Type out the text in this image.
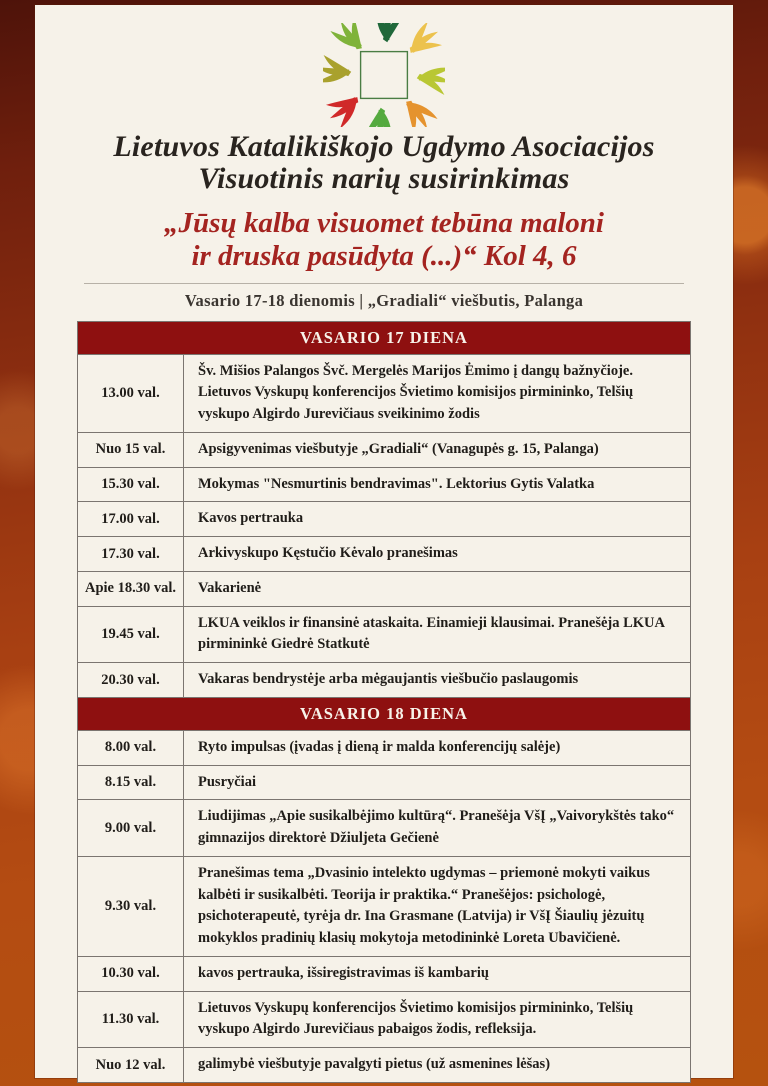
Lietuvos Katalikiškojo Ugdymo Asociacijos
Visuotinis narių susirinkimas
„Jūsų kalba visuomet tebūna maloni
ir druska pasūdyta (...)“ Kol 4, 6
Vasario 17-18 dienomis | „Gradiali“ viešbutis, Palanga
VASARIO 17 DIENA	
13.00 val.	Šv. Mišios Palangos Švč. Mergelės Marijos Ėmimo į dangų bažnyčioje. Lietuvos Vyskupų konferencijos Švietimo komisijos pirmininko, Telšių vyskupo Algirdo Jurevičiaus sveikinimo žodis
Nuo 15 val.	Apsigyvenimas viešbutyje „Gradiali“ (Vanagupės g. 15, Palanga)
15.30 val.	Mokymas "Nesmurtinis bendravimas". Lektorius Gytis Valatka
17.00 val.	Kavos pertrauka
17.30 val.	Arkivyskupo Kęstučio Kėvalo pranešimas
Apie 18.30 val.	Vakarienė
19.45 val.	LKUA veiklos ir finansinė ataskaita. Einamieji klausimai. Pranešėja LKUA pirmininkė Giedrė Statkutė
20.30 val.	Vakaras bendrystėje arba mėgaujantis viešbučio paslaugomis
VASARIO 18 DIENA	
8.00 val.	Ryto impulsas (įvadas į dieną ir malda konferencijų salėje)
8.15 val.	Pusryčiai
9.00 val.	Liudijimas „Apie susikalbėjimo kultūrą“. Pranešėja VšĮ „Vaivorykštės tako“ gimnazijos direktorė Džiuljeta Gečienė
9.30 val.	Pranešimas tema „Dvasinio intelekto ugdymas – priemonė mokyti vaikus kalbėti ir susikalbėti. Teorija ir praktika.“ Pranešėjos: psichologė, psichoterapeutė, tyrėja dr. Ina Grasmane (Latvija) ir VšĮ Šiaulių jėzuitų mokyklos pradinių klasių mokytoja metodininkė Loreta Ubavičienė.
10.30 val.	kavos pertrauka, išsiregistravimas iš kambarių
11.30 val.	Lietuvos Vyskupų konferencijos Švietimo komisijos pirmininko, Telšių vyskupo Algirdo Jurevičiaus pabaigos žodis, refleksija.
Nuo 12 val.	galimybė viešbutyje pavalgyti pietus (už asmenines lėšas)
